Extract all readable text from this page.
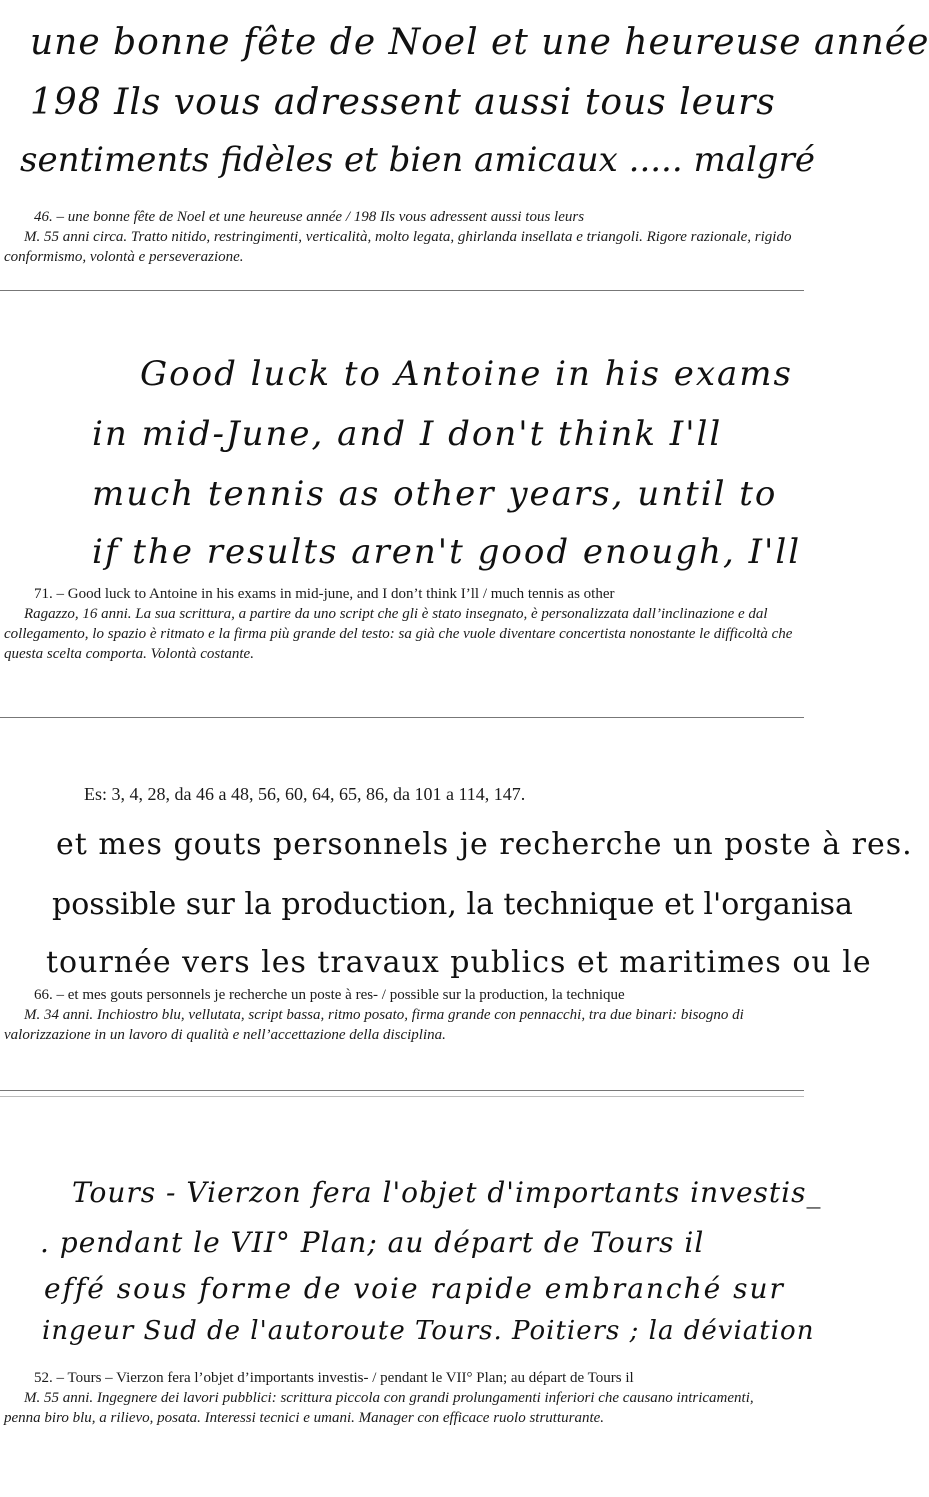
une bonne fête de Noel et une heureuse année
198 Ils vous adressent aussi tous leurs
sentiments fidèles et bien amicaux ..... malgré
46. – une bonne fête de Noel et une heureuse année / 198 Ils vous adressent aussi tous leurs
M. 55 anni circa. Tratto nitido, restringimenti, verticalità, molto legata, ghirlanda insellata e triangoli. Rigore razionale, rigido conformismo, volontà e perseverazione.
Good luck to Antoine in his exams
in mid-June, and I don't think I'll
much tennis as other years, until to
if the results aren't good enough, I'll
71. – Good luck to Antoine in his exams in mid-june, and I don’t think I’ll / much tennis as other
Ragazzo, 16 anni. La sua scrittura, a partire da uno script che gli è stato insegnato, è personalizzata dall’inclinazione e dal collegamento, lo spazio è ritmato e la firma più grande del testo: sa già che vuole diventare concertista nonostante le difficoltà che questa scelta comporta. Volontà costante.
Es: 3, 4, 28, da 46 a 48, 56, 60, 64, 65, 86, da 101 a 114, 147.
et mes gouts personnels je recherche un poste à res.
possible sur la production, la technique et l'organisa
tournée vers les travaux publics et maritimes ou le
66. – et mes gouts personnels je recherche un poste à res- / possible sur la production, la technique
M. 34 anni. Inchiostro blu, vellutata, script bassa, ritmo posato, firma grande con pennacchi, tra due binari: bisogno di valorizzazione in un lavoro di qualità e nell’accettazione della disciplina.
Tours - Vierzon fera l'objet d'importants investis_
. pendant le VII° Plan; au départ de Tours il
effé sous forme de voie rapide embranché sur
ingeur Sud de l'autoroute Tours. Poitiers ; la déviation
52. – Tours – Vierzon fera l’objet d’importants investis- / pendant le VII° Plan; au départ de Tours il
M. 55 anni. Ingegnere dei lavori pubblici: scrittura piccola con grandi prolungamenti inferiori che causano intricamenti, penna biro blu, a rilievo, posata. Interessi tecnici e umani. Manager con efficace ruolo strutturante.
